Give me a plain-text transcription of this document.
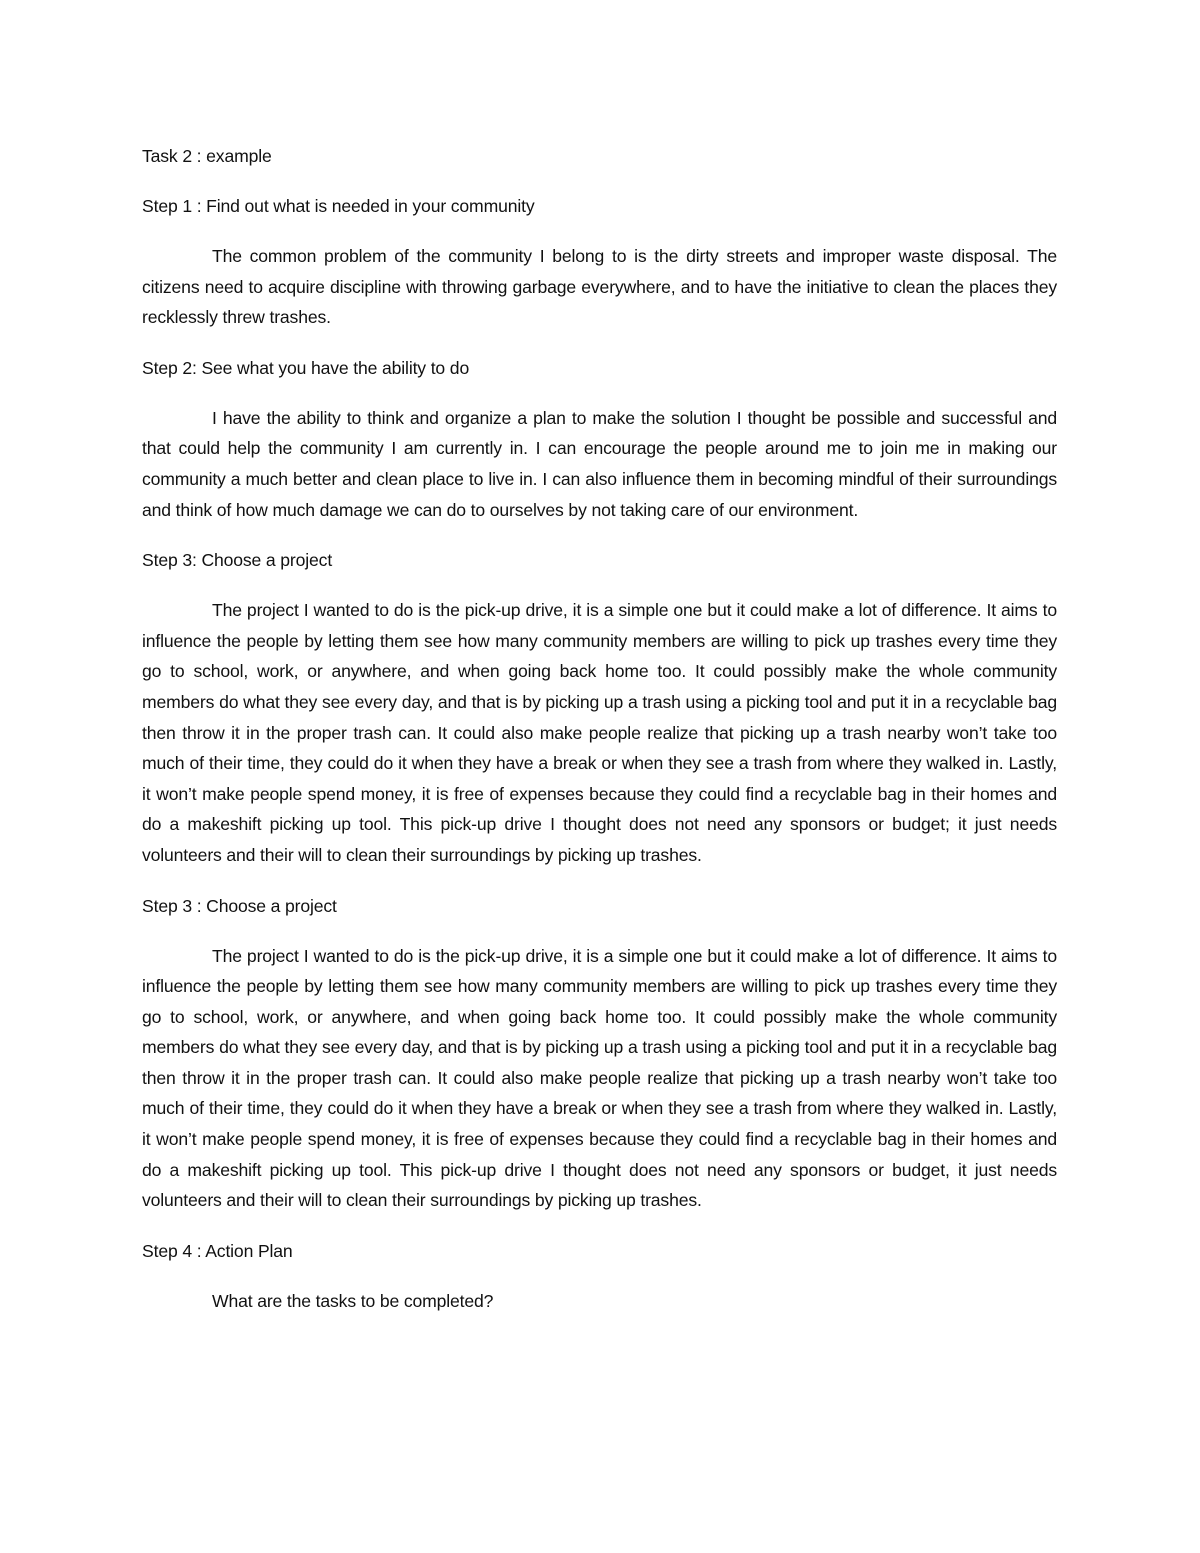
Task 2 : example

Step 1 : Find out what is needed in your community

The common problem of the community I belong to is the dirty streets and improper waste disposal. The citizens need to acquire discipline with throwing garbage everywhere, and to have the initiative to clean the places they recklessly threw trashes.

Step 2: See what you have the ability to do

I have the ability to think and organize a plan to make the solution I thought be possible and successful and that could help the community I am currently in. I can encourage the people around me to join me in making our community a much better and clean place to live in. I can also influence them in becoming mindful of their surroundings and think of how much damage we can do to ourselves by not taking care of our environment.

Step 3: Choose a project

The project I wanted to do is the pick-up drive, it is a simple one but it could make a lot of difference. It aims to influence the people by letting them see how many community members are willing to pick up trashes every time they go to school, work, or anywhere, and when going back home too. It could possibly make the whole community members do what they see every day, and that is by picking up a trash using a picking tool and put it in a recyclable bag then throw it in the proper trash can. It could also make people realize that picking up a trash nearby won’t take too much of their time, they could do it when they have a break or when they see a trash from where they walked in. Lastly, it won’t make people spend money, it is free of expenses because they could find a recyclable bag in their homes and do a makeshift picking up tool. This pick-up drive I thought does not need any sponsors or budget; it just needs volunteers and their will to clean their surroundings by picking up trashes.

Step 3 : Choose a project

The project I wanted to do is the pick-up drive, it is a simple one but it could make a lot of difference. It aims to influence the people by letting them see how many community members are willing to pick up trashes every time they go to school, work, or anywhere, and when going back home too. It could possibly make the whole community members do what they see every day, and that is by picking up a trash using a picking tool and put it in a recyclable bag then throw it in the proper trash can. It could also make people realize that picking up a trash nearby won’t take too much of their time, they could do it when they have a break or when they see a trash from where they walked in. Lastly, it won’t make people spend money, it is free of expenses because they could find a recyclable bag in their homes and do a makeshift picking up tool. This pick-up drive I thought does not need any sponsors or budget, it just needs volunteers and their will to clean their surroundings by picking up trashes.

Step 4 : Action Plan

What are the tasks to be completed?
